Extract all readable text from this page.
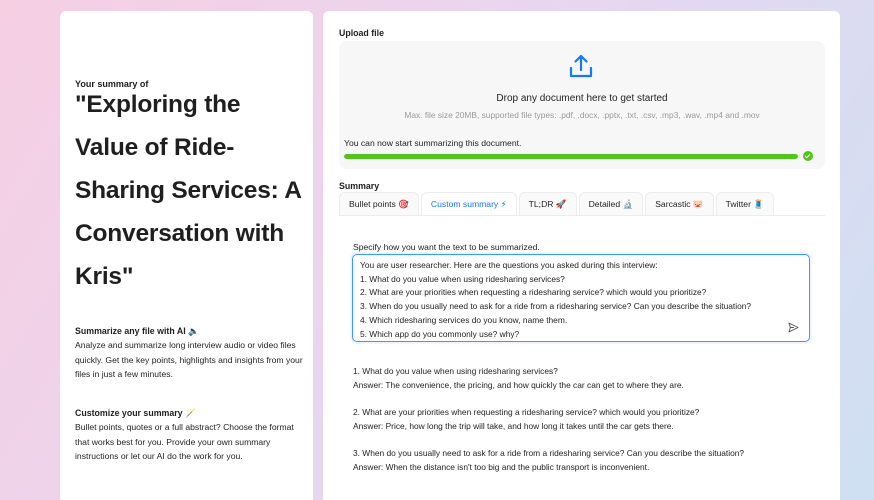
Your summary of
"Exploring the Value of Ride-Sharing Services: A Conversation with Kris"
Summarize any file with AI 🔈
Analyze and summarize long interview audio or video files quickly. Get the key points, highlights and insights from your files in just a few minutes.
Customize your summary 🪄
Bullet points, quotes or a full abstract? Choose the format that works best for you. Provide your own summary instructions or let our AI do the work for you.
Upload file
Drop any document here to get started
Max. file size 20MB, supported file types: .pdf, .docx, .pptx, .txt, .csv, .mp3, .wav, .mp4 and .mov
You can now start summarizing this document.
Summary
Bullet points 🎯	Custom summary ⚡	TL;DR 🚀	Detailed 🔬	Sarcastic 🐷	Twitter 🧵
Specify how you want the text to be summarized.
You are user researcher. Here are the questions you asked during this interview:
1. What do you value when using ridesharing services?
2. What are your priorities when requesting a ridesharing service? which would you prioritize?
3. When do you usually need to ask for a ride from a ridesharing service? Can you describe the situation?
4. Which ridesharing services do you know, name them.
5. Which app do you commonly use? why?

1. What do you value when using ridesharing services?
Answer: The convenience, the pricing, and how quickly the car can get to where they are.

2. What are your priorities when requesting a ridesharing service? which would you prioritize?
Answer: Price, how long the trip will take, and how long it takes until the car gets there.

3. When do you usually need to ask for a ride from a ridesharing service? Can you describe the situation?
Answer: When the distance isn't too big and the public transport is inconvenient.
